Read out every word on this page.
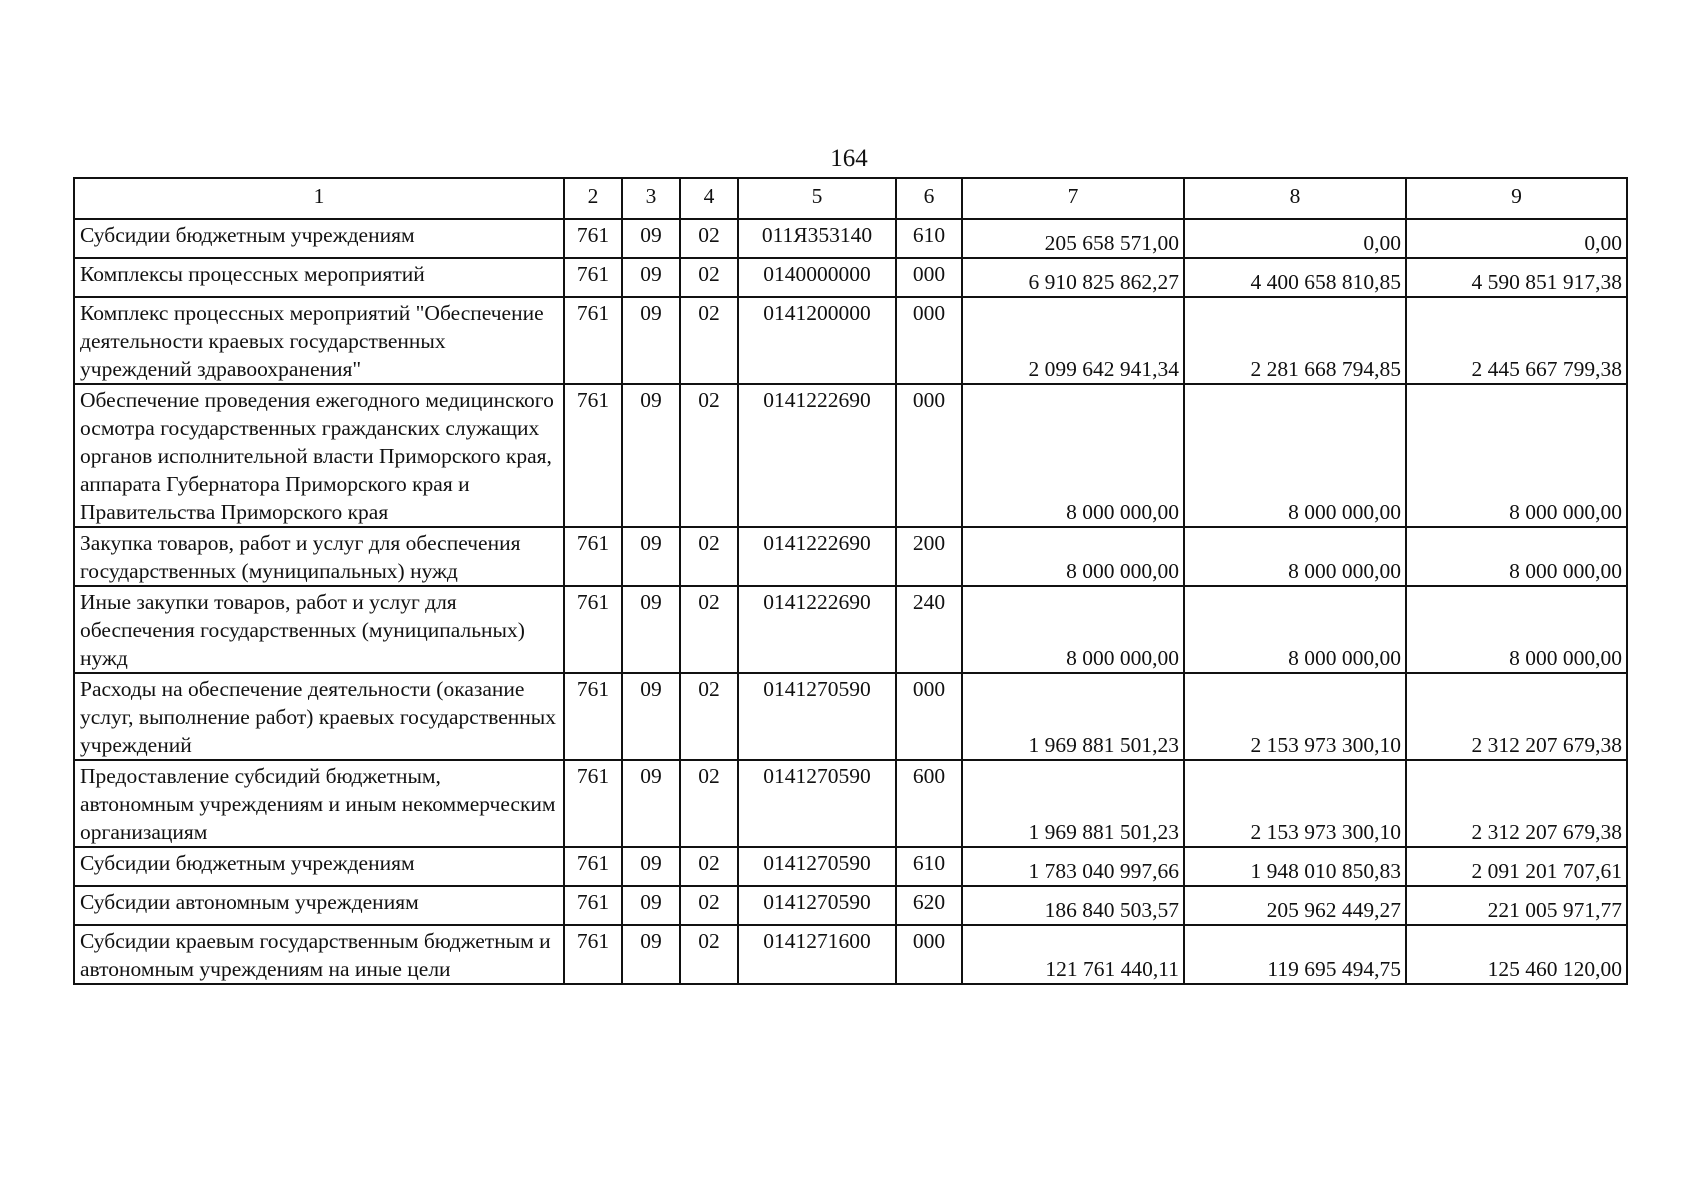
164
1	2	3	4	5	6	7	8	9
Субсидии бюджетным учреждениям	761	09	02	011Я353140	610	205 658 571,00	0,00	0,00
Комплексы процессных мероприятий	761	09	02	0140000000	000	6 910 825 862,27	4 400 658 810,85	4 590 851 917,38
Комплекс процессных мероприятий "Обеспечение деятельности краевых государственных учреждений здравоохранения"	761	09	02	0141200000	000	2 099 642 941,34	2 281 668 794,85	2 445 667 799,38
Обеспечение проведения ежегодного медицинского осмотра государственных гражданских служащих органов исполнительной власти Приморского края, аппарата Губернатора Приморского края и Правительства Приморского края	761	09	02	0141222690	000	8 000 000,00	8 000 000,00	8 000 000,00
Закупка товаров, работ и услуг для обеспечения государственных (муниципальных) нужд	761	09	02	0141222690	200	8 000 000,00	8 000 000,00	8 000 000,00
Иные закупки товаров, работ и услуг для обеспечения государственных (муниципальных) нужд	761	09	02	0141222690	240	8 000 000,00	8 000 000,00	8 000 000,00
Расходы на обеспечение деятельности (оказание услуг, выполнение работ) краевых государственных учреждений	761	09	02	0141270590	000	1 969 881 501,23	2 153 973 300,10	2 312 207 679,38
Предоставление субсидий бюджетным, автономным учреждениям и иным некоммерческим организациям	761	09	02	0141270590	600	1 969 881 501,23	2 153 973 300,10	2 312 207 679,38
Субсидии бюджетным учреждениям	761	09	02	0141270590	610	1 783 040 997,66	1 948 010 850,83	2 091 201 707,61
Субсидии автономным учреждениям	761	09	02	0141270590	620	186 840 503,57	205 962 449,27	221 005 971,77
Субсидии краевым государственным бюджетным и автономным учреждениям на иные цели	761	09	02	0141271600	000	121 761 440,11	119 695 494,75	125 460 120,00
